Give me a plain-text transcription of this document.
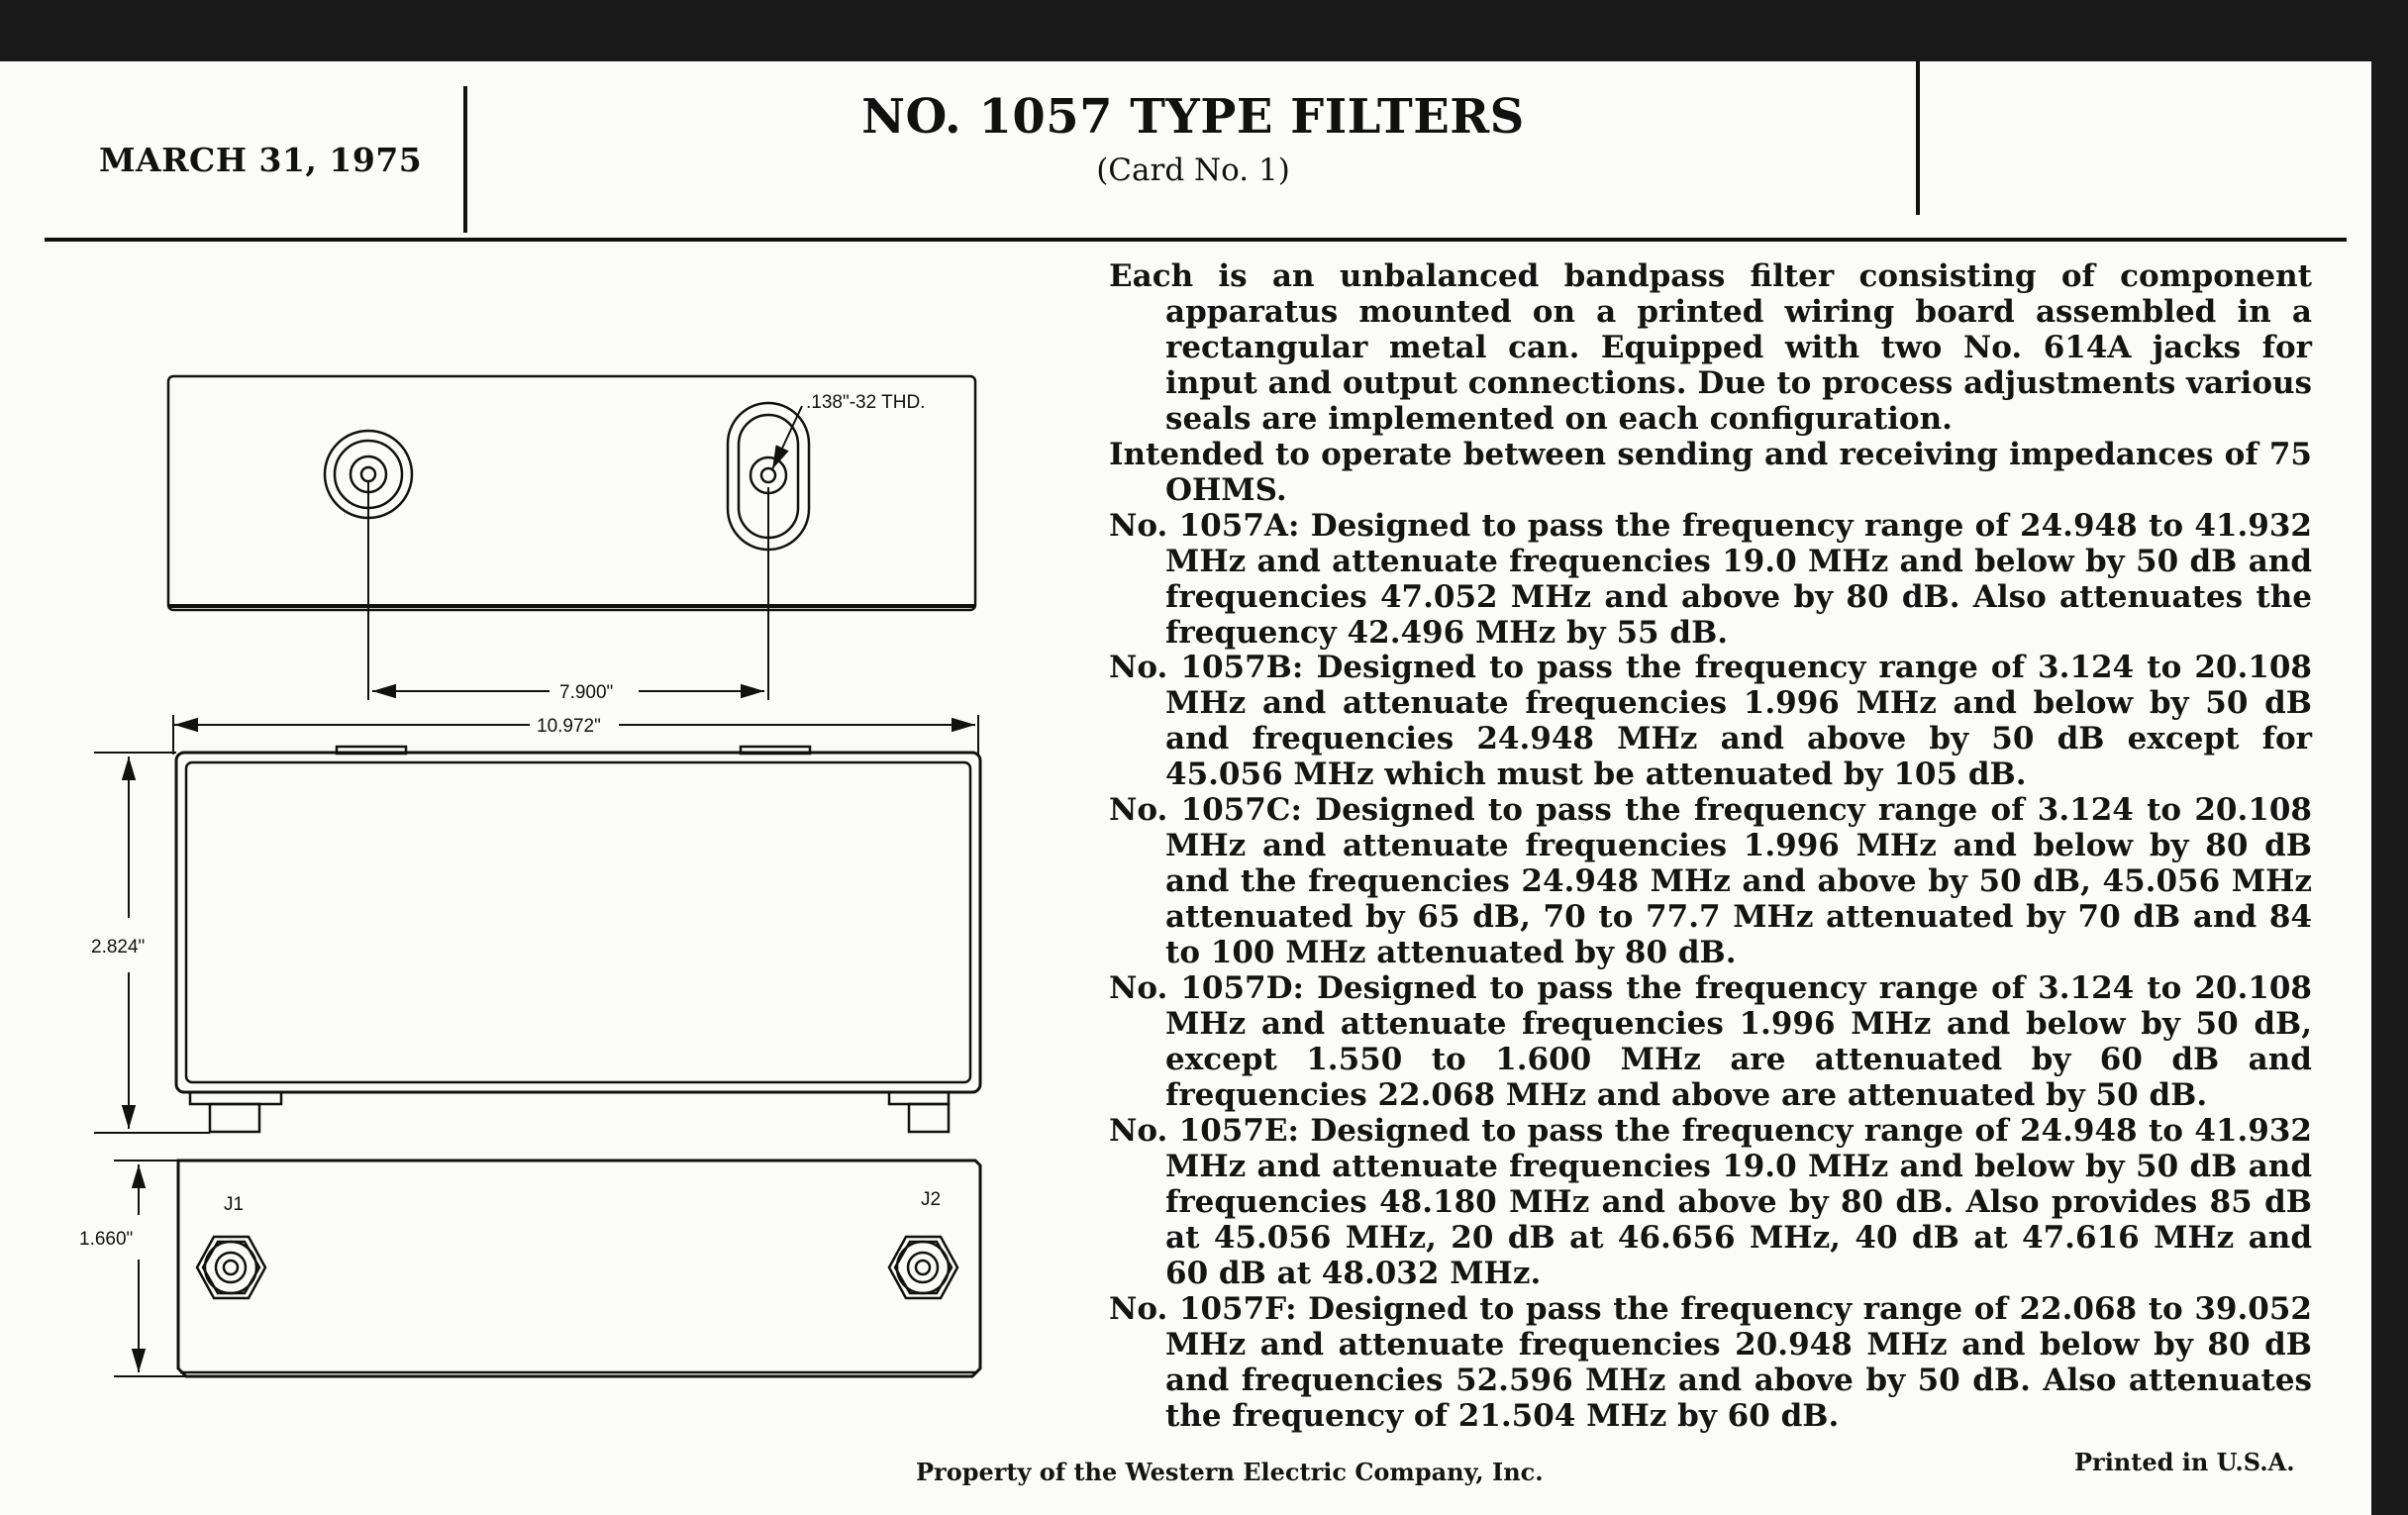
MARCH 31, 1975
NO. 1057 TYPE FILTERS
(Card No. 1)
.138"-32 THD.
7.900"
10.972"
2.824"
1.660"
J1	J2

Each is an unbalanced bandpass filter consisting of component apparatus mounted on a printed wiring board assembled in a rectangular metal can. Equipped with two No. 614A jacks for input and output connections. Due to process adjustments various seals are implemented on each configuration.

Intended to operate between sending and receiving impedances of 75 OHMS.

No. 1057A: Designed to pass the frequency range of 24.948 to 41.932 MHz and attenuate frequencies 19.0 MHz and below by 50 dB and frequencies 47.052 MHz and above by 80 dB. Also attenuates the frequency 42.496 MHz by 55 dB.

No. 1057B: Designed to pass the frequency range of 3.124 to 20.108 MHz and attenuate frequencies 1.996 MHz and below by 50 dB and frequencies 24.948 MHz and above by 50 dB except for 45.056 MHz which must be attenuated by 105 dB.

No. 1057C: Designed to pass the frequency range of 3.124 to 20.108 MHz and attenuate frequencies 1.996 MHz and below by 80 dB and the frequencies 24.948 MHz and above by 50 dB, 45.056 MHz attenuated by 65 dB, 70 to 77.7 MHz attenuated by 70 dB and 84 to 100 MHz attenuated by 80 dB.

No. 1057D: Designed to pass the frequency range of 3.124 to 20.108 MHz and attenuate frequencies 1.996 MHz and below by 50 dB, except 1.550 to 1.600 MHz are attenuated by 60 dB and frequencies 22.068 MHz and above are attenuated by 50 dB.

No. 1057E: Designed to pass the frequency range of 24.948 to 41.932 MHz and attenuate frequencies 19.0 MHz and below by 50 dB and frequencies 48.180 MHz and above by 80 dB. Also provides 85 dB at 45.056 MHz, 20 dB at 46.656 MHz, 40 dB at 47.616 MHz and 60 dB at 48.032 MHz.

No. 1057F: Designed to pass the frequency range of 22.068 to 39.052 MHz and attenuate frequencies 20.948 MHz and below by 80 dB and frequencies 52.596 MHz and above by 50 dB. Also attenuates the frequency of 21.504 MHz by 60 dB.

Property of the Western Electric Company, Inc.	Printed in U.S.A.
